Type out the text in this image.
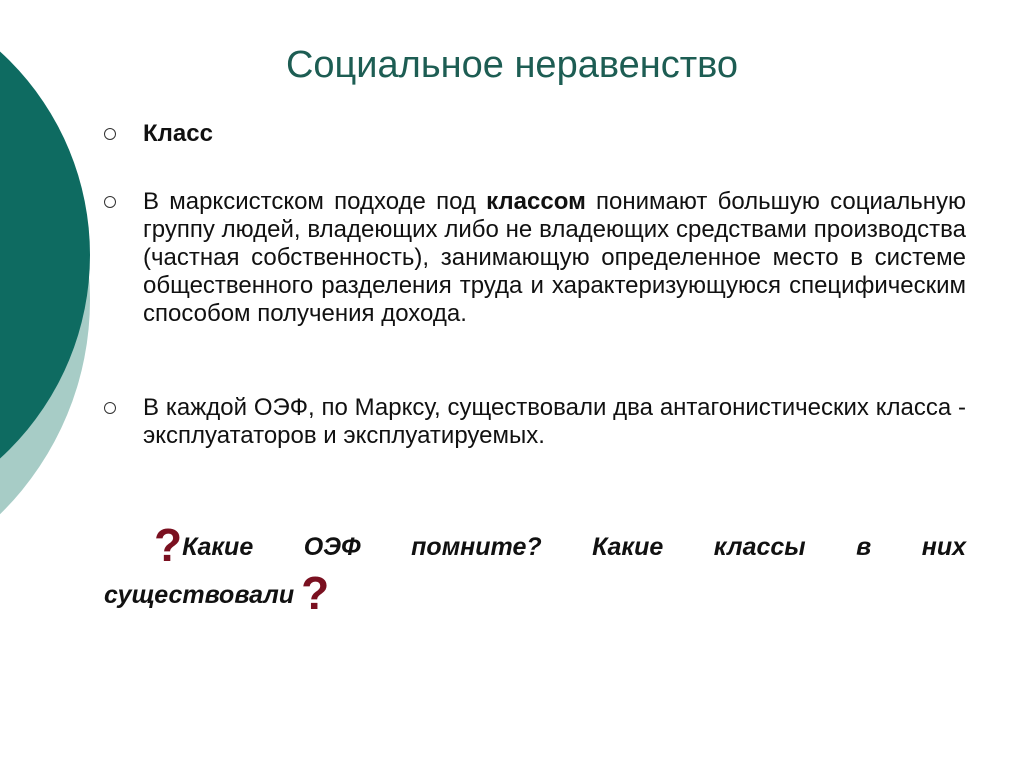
Социальное неравенство
Класс
В марксистском подходе под классом понимают большую социальную группу людей, владеющих либо не владеющих средствами производства (частная собственность), занимающую определенное место в системе общественного разделения труда и характеризующуюся специфическим способом получения дохода.
В каждой ОЭФ, по Марксу, существовали два антагонистических класса - эксплуататоров и эксплуатируемых.
?Какие ОЭФ помните? Какие классы в них
существовали ?
